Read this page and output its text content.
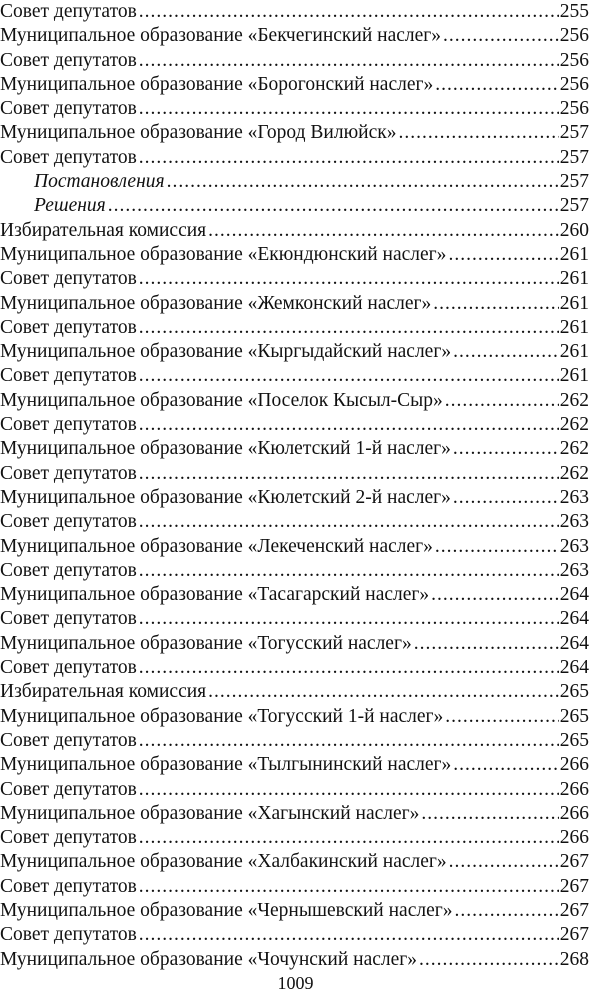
Совет депутатов .....	255
Муниципальное образование «Бекчегинский наслег» .....	256
Совет депутатов .....	256
Муниципальное образование «Борогонский наслег» .....	256
Совет депутатов .....	256
Муниципальное образование «Город Вилюйск» .....	257
Совет депутатов .....	257
Постановления .....	257
Решения .....	257
Избирательная комиссия .....	260
Муниципальное образование «Екюндюнский наслег» .....	261
Совет депутатов .....	261
Муниципальное образование «Жемконский наслег» .....	261
Совет депутатов .....	261
Муниципальное образование «Кыргыдайский наслег» .....	261
Совет депутатов .....	261
Муниципальное образование «Поселок Кысыл-Сыр» .....	262
Совет депутатов .....	262
Муниципальное образование «Кюлетский 1-й наслег» .....	262
Совет депутатов .....	262
Муниципальное образование «Кюлетский 2-й наслег» .....	263
Совет депутатов .....	263
Муниципальное образование «Лекеченский наслег» .....	263
Совет депутатов .....	263
Муниципальное образование «Тасагарский наслег» .....	264
Совет депутатов .....	264
Муниципальное образование «Тогусский наслег» .....	264
Совет депутатов .....	264
Избирательная комиссия .....	265
Муниципальное образование «Тогусский 1-й наслег» .....	265
Совет депутатов .....	265
Муниципальное образование «Тылгынинский наслег» .....	266
Совет депутатов .....	266
Муниципальное образование «Хагынский наслег» .....	266
Совет депутатов .....	266
Муниципальное образование «Халбакинский наслег» .....	267
Совет депутатов .....	267
Муниципальное образование «Чернышевский наслег» .....	267
Совет депутатов .....	267
Муниципальное образование «Чочунский наслег» .....	268
1009
